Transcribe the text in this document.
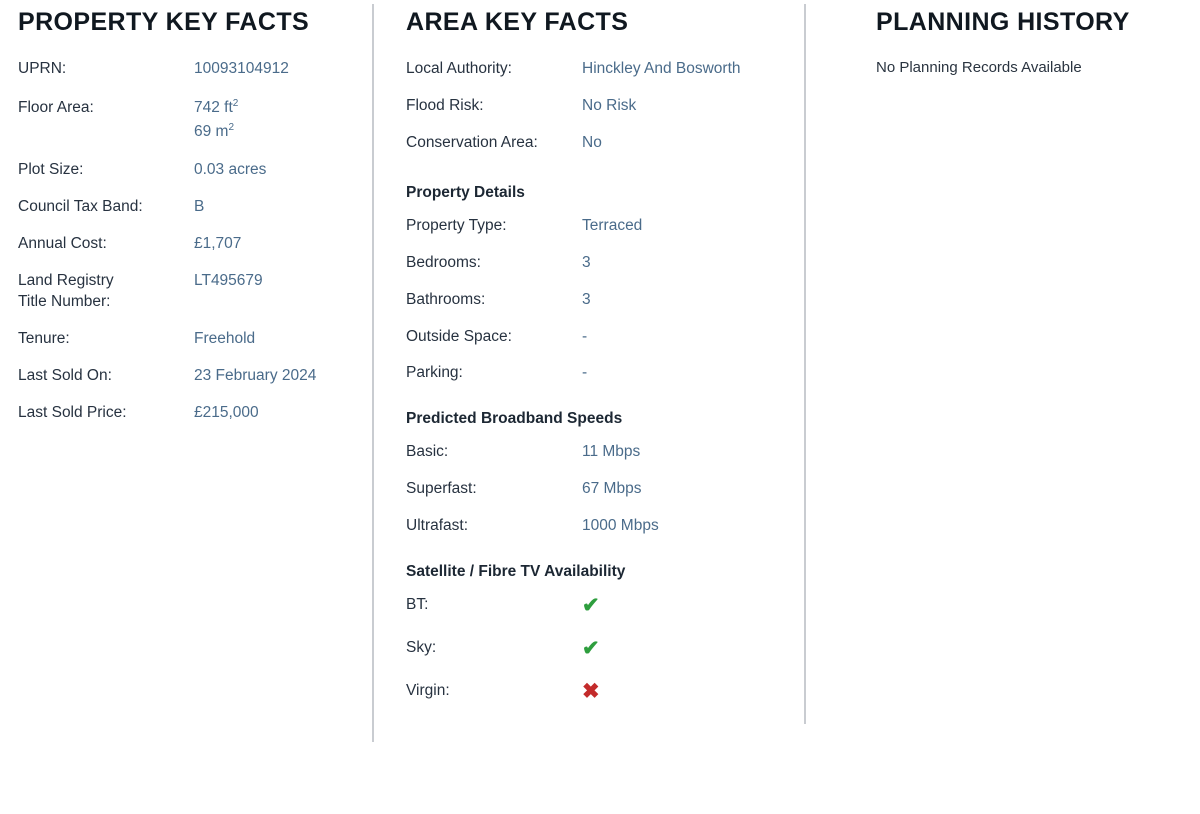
PROPERTY KEY FACTS
UPRN:	10093104912
Floor Area:	742 $ft^2$
69 $m^2$
Plot Size:	0.03 acres
Council Tax Band:	B
Annual Cost:	£1,707
Land Registry
Title Number:
LT495679
Tenure:	Freehold
Last Sold On:	23 February 2024
Last Sold Price:	£215,000
AREA KEY FACTS
Local Authority:	Hinckley And Bosworth
Flood Risk:	No Risk
Conservation Area:	No
Property Details
Property Type:	Terraced
Bedrooms:	3
Bathrooms:	3
Outside Space:	-
Parking:	-
Predicted Broadband Speeds
Basic:	11 Mbps
Superfast:	67 Mbps
Ultrafast:	1000 Mbps
Satellite / Fibre TV Availability
BT:	✔
Sky:	✔
Virgin:	✖
PLANNING HISTORY
No Planning Records Available
